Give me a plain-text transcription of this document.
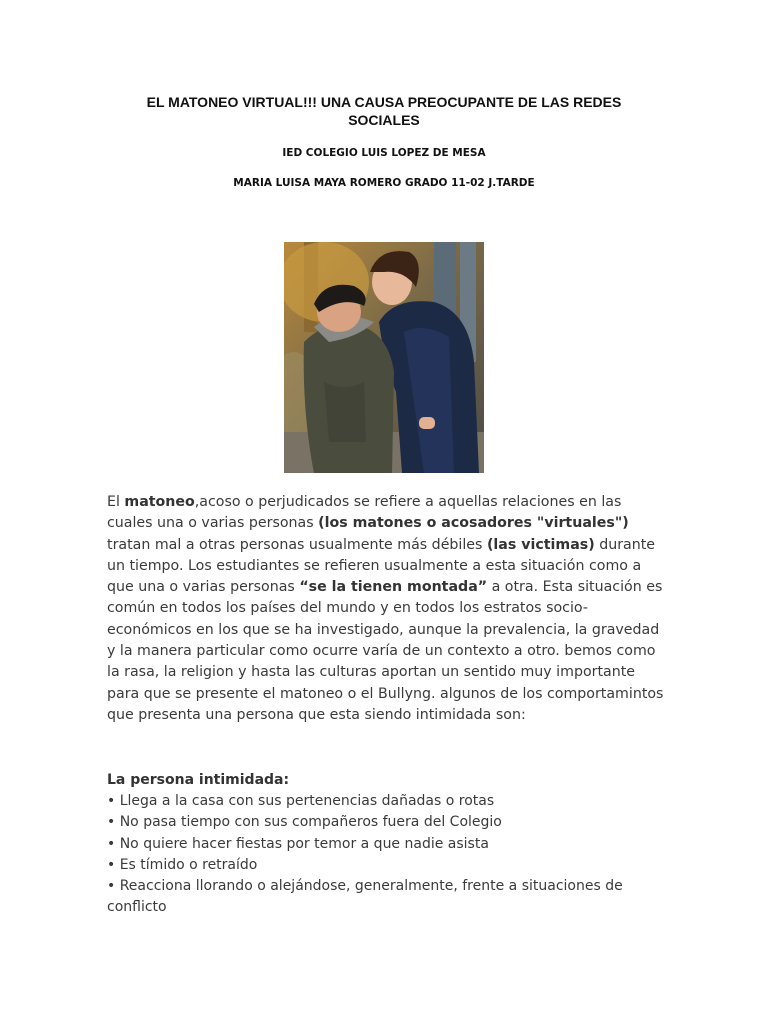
EL MATONEO VIRTUAL!!! UNA CAUSA PREOCUPANTE DE LAS REDES SOCIALES
IED COLEGIO LUIS LOPEZ DE MESA
MARIA LUISA MAYA ROMERO GRADO 11-02 J.TARDE
El matoneo,acoso o perjudicados se refiere a aquellas relaciones en las cuales una o varias personas (los matones o acosadores "virtuales") tratan mal a otras personas usualmente más débiles (las victimas) durante un tiempo. Los estudiantes se refieren usualmente a esta situación como a que una o varias personas “se la tienen montada” a otra. Esta situación es común en todos los países del mundo y en todos los estratos socio-económicos en los que se ha investigado, aunque la prevalencia, la gravedad y la manera particular como ocurre varía de un contexto a otro. bemos como la rasa, la religion y hasta las culturas aportan un sentido muy importante para que se presente el matoneo o el Bullyng. algunos de los comportamintos que presenta una persona que esta siendo intimidada son:
La persona intimidada:
• Llega a la casa con sus pertenencias dañadas o rotas
• No pasa tiempo con sus compañeros fuera del Colegio
• No quiere hacer fiestas por temor a que nadie asista
• Es tímido o retraído
• Reacciona llorando o alejándose, generalmente, frente a situaciones de conflicto
